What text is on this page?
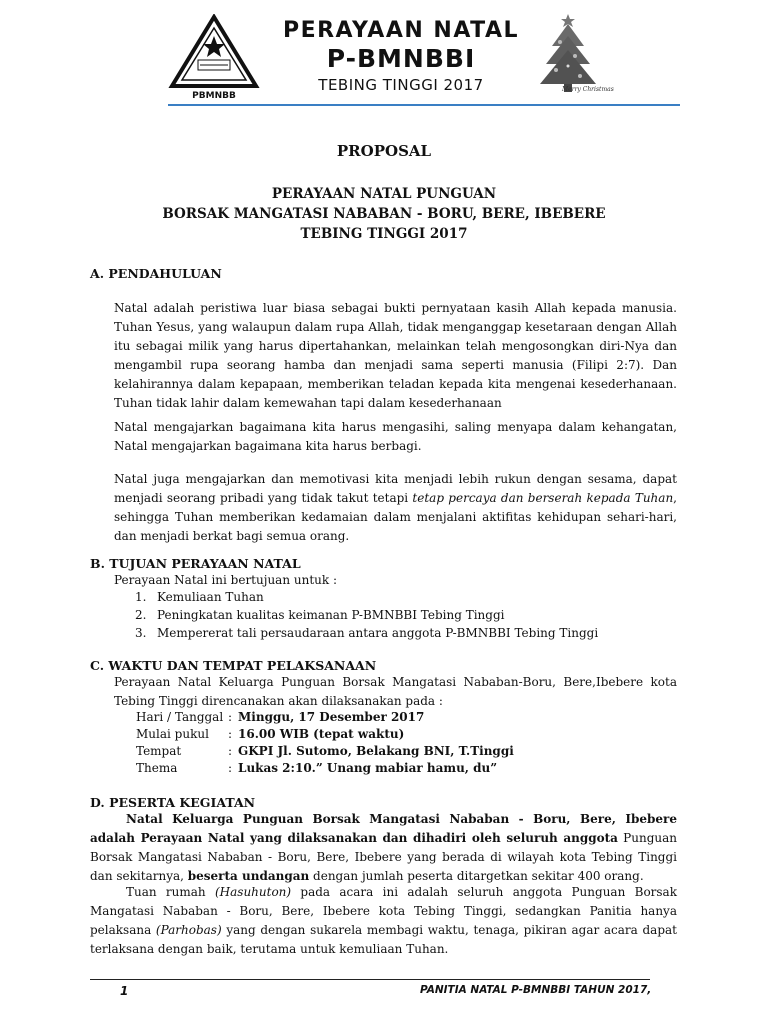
PBMNBB
PERAYAAN NATAL
P-BMNBBI
TEBING TINGGI 2017	Merry Christmas
PROPOSAL
PERAYAAN NATAL PUNGUAN
BORSAK MANGATASI NABABAN - BORU, BERE, IBEBERE
TEBING TINGGI 2017
A. PENDAHULUAN
Natal adalah peristiwa luar biasa sebagai bukti pernyataan kasih Allah kepada manusia. Tuhan Yesus, yang walaupun dalam rupa Allah, tidak menganggap kesetaraan dengan Allah itu sebagai milik yang harus dipertahankan, melainkan telah mengosongkan diri-Nya dan mengambil rupa seorang hamba dan menjadi sama seperti manusia (Filipi 2:7). Dan kelahirannya dalam kepapaan, memberikan teladan kepada kita mengenai kesederhanaan. Tuhan tidak lahir dalam kemewahan tapi dalam kesederhanaan
Natal mengajarkan bagaimana kita harus mengasihi, saling menyapa dalam kehangatan, Natal mengajarkan bagaimana kita harus berbagi.
Natal juga mengajarkan dan memotivasi kita menjadi lebih rukun dengan sesama, dapat menjadi seorang pribadi yang tidak takut tetapi tetap percaya dan berserah kepada Tuhan, sehingga Tuhan memberikan kedamaian dalam menjalani aktifitas kehidupan sehari-hari, dan menjadi berkat bagi semua orang.
B. TUJUAN PERAYAAN NATAL
Perayaan Natal ini bertujuan untuk :
1. Kemuliaan Tuhan
2. Peningkatan kualitas keimanan P-BMNBBI Tebing Tinggi
3. Mempererat tali persaudaraan antara anggota P-BMNBBI Tebing Tinggi
C. WAKTU DAN TEMPAT PELAKSANAAN
Perayaan Natal Keluarga Punguan Borsak Mangatasi Nababan-Boru, Bere,Ibebere kota Tebing Tinggi direncanakan akan dilaksanakan pada :
Hari / Tanggal : Minggu, 17 Desember 2017
Mulai pukul : 16.00 WIB (tepat waktu)
Tempat	: GKPI Jl. Sutomo, Belakang BNI, T.Tinggi
Thema	: Lukas 2:10.” Unang mabiar hamu, du”
D. PESERTA KEGIATAN
Natal Keluarga Punguan Borsak Mangatasi Nababan - Boru, Bere, Ibebere adalah Perayaan Natal yang dilaksanakan dan dihadiri oleh seluruh anggota Punguan Borsak Mangatasi Nababan - Boru, Bere, Ibebere yang berada di wilayah kota Tebing Tinggi dan sekitarnya, beserta undangan dengan jumlah peserta ditargetkan sekitar 400 orang.
Tuan rumah (Hasuhuton) pada acara ini adalah seluruh anggota Punguan Borsak Mangatasi Nababan - Boru, Bere, Ibebere kota Tebing Tinggi, sedangkan Panitia hanya pelaksana (Parhobas) yang dengan sukarela membagi waktu, tenaga, pikiran agar acara dapat terlaksana dengan baik, terutama untuk kemuliaan Tuhan.
1	PANITIA NATAL P-BMNBBI TAHUN 2017,
